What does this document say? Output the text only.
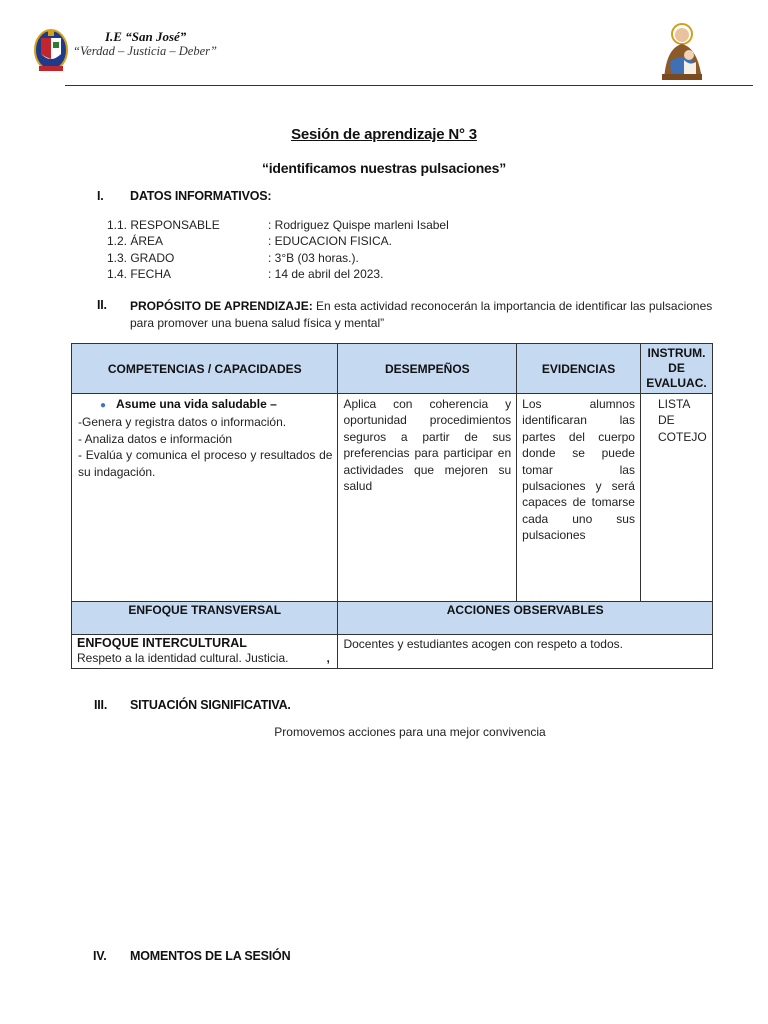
I.E “San José”
“Verdad – Justicia – Deber”
Sesión de aprendizaje N° 3
“identificamos nuestras pulsaciones”
I. DATOS INFORMATIVOS:
1.1. RESPONSABLE	: Rodriguez Quispe marleni Isabel
1.2. ÁREA	: EDUCACION FISICA.
1.3. GRADO	: 3°B (03 horas.).
1.4. FECHA	: 14 de abril del 2023.
II. PROPÓSITO DE APRENDIZAJE: En esta actividad reconocerán la importancia de identificar las pulsaciones para promover una buena salud física y mental”
COMPETENCIAS / CAPACIDADES	DESEMPEÑOS	EVIDENCIAS	INSTRUM. DE EVALUAC.

● Asume una vida saludable –
-Genera y registra datos o información.
- Analiza datos e información
- Evalúa y comunica el proceso y resultados de su indagación.	Aplica con coherencia y oportunidad procedimientos seguros a partir de sus preferencias para participar en actividades que mejoren su salud	Los alumnos identificaran las partes del cuerpo donde se puede tomar las pulsaciones y será capaces de tomarse cada uno sus pulsaciones	LISTA DE COTEJO

ENFOQUE TRANSVERSAL	ACCIONES OBSERVABLES		

ENFOQUE INTERCULTURAL
Respeto a la identidad cultural. Justicia. ,	Docentes y estudiantes acogen con respeto a todos.		
III. SITUACIÓN SIGNIFICATIVA.
Promovemos acciones para una mejor convivencia
IV. MOMENTOS DE LA SESIÓN
